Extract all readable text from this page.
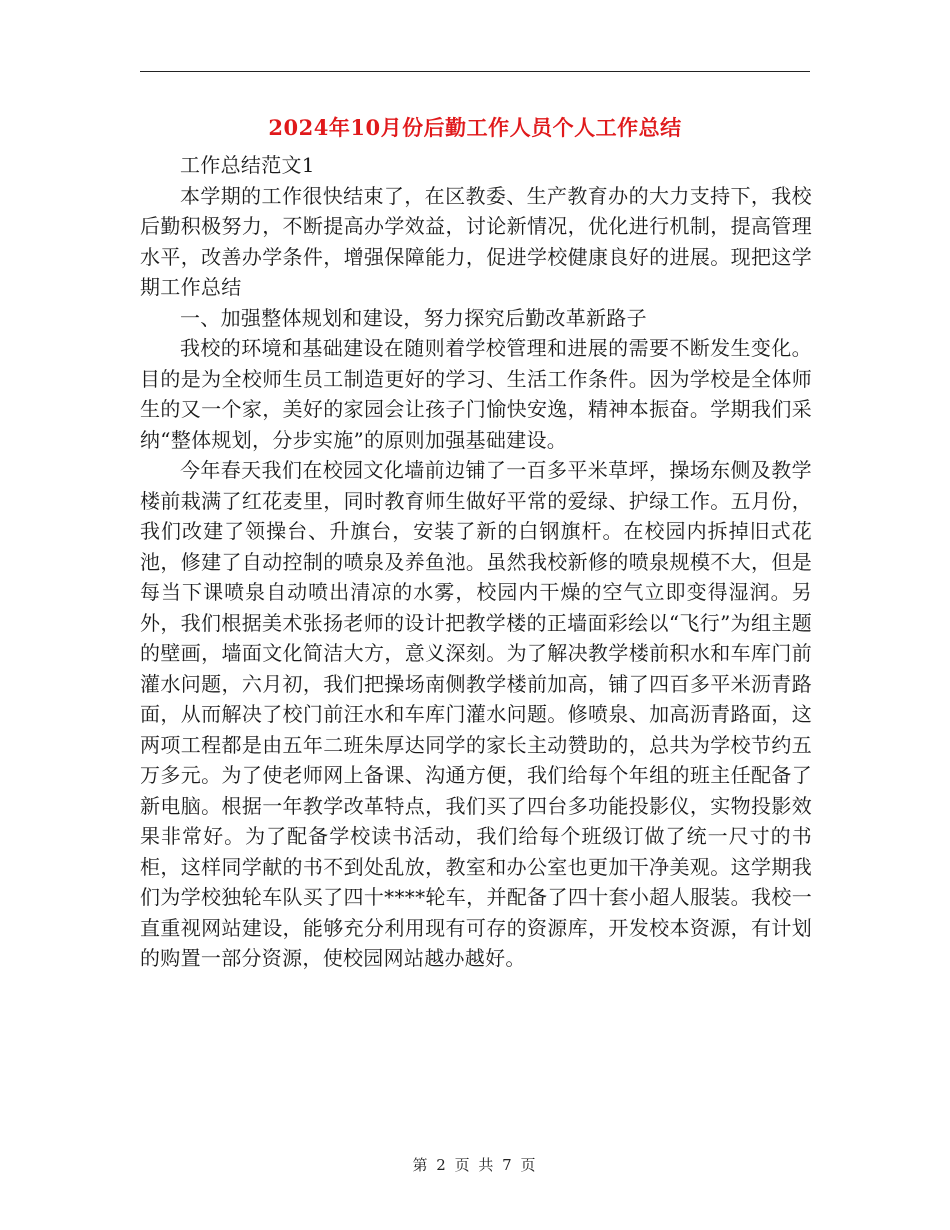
2024年10月份后勤工作人员个人工作总结

工作总结范文1

本学期的工作很快结束了，在区教委、生产教育办的大力支持下，我校后勤积极努力，不断提高办学效益，讨论新情况，优化进行机制，提高管理水平，改善办学条件，增强保障能力，促进学校健康良好的进展。现把这学期工作总结

一、加强整体规划和建设，努力探究后勤改革新路子

我校的环境和基础建设在随则着学校管理和进展的需要不断发生变化。目的是为全校师生员工制造更好的学习、生活工作条件。因为学校是全体师生的又一个家，美好的家园会让孩子门愉快安逸，精神本振奋。学期我们采纳“整体规划，分步实施”的原则加强基础建设。

今年春天我们在校园文化墙前边铺了一百多平米草坪，操场东侧及教学楼前栽满了红花麦里，同时教育师生做好平常的爱绿、护绿工作。五月份，我们改建了领操台、升旗台，安装了新的白钢旗杆。在校园内拆掉旧式花池，修建了自动控制的喷泉及养鱼池。虽然我校新修的喷泉规模不大，但是每当下课喷泉自动喷出清凉的水雾，校园内干燥的空气立即变得湿润。另外，我们根据美术张扬老师的设计把教学楼的正墙面彩绘以“飞行”为组主题的壁画，墙面文化简洁大方，意义深刻。为了解决教学楼前积水和车库门前灌水问题，六月初，我们把操场南侧教学楼前加高，铺了四百多平米沥青路面，从而解决了校门前汪水和车库门灌水问题。修喷泉、加高沥青路面，这两项工程都是由五年二班朱厚达同学的家长主动赞助的，总共为学校节约五万多元。为了使老师网上备课、沟通方便，我们给每个年组的班主任配备了新电脑。根据一年教学改革特点，我们买了四台多功能投影仪，实物投影效果非常好。为了配备学校读书活动，我们给每个班级订做了统一尺寸的书柜，这样同学献的书不到处乱放，教室和办公室也更加干净美观。这学期我们为学校独轮车队买了四十****轮车，并配备了四十套小超人服装。我校一直重视网站建设，能够充分利用现有可存的资源库，开发校本资源，有计划的购置一部分资源，使校园网站越办越好。

第 2 页 共 7 页
